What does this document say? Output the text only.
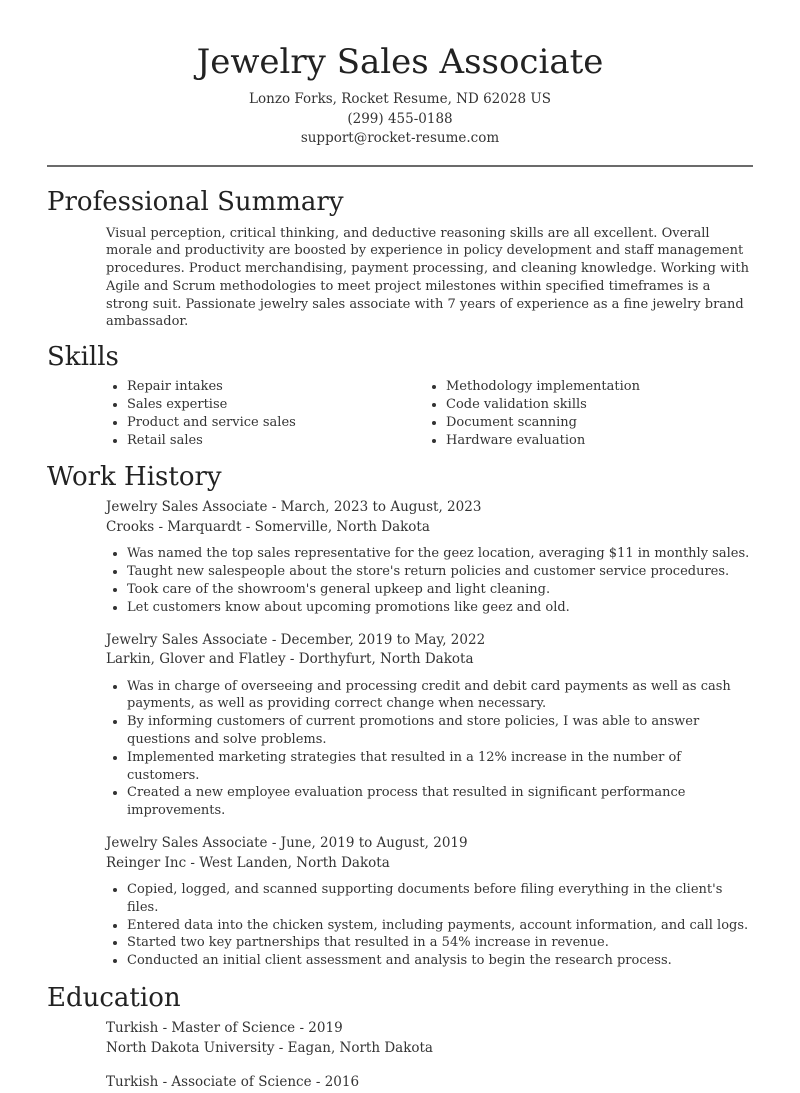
Jewelry Sales Associate
Lonzo Forks, Rocket Resume, ND 62028 US
(299) 455-0188
support@rocket-resume.com
Professional Summary
Visual perception, critical thinking, and deductive reasoning skills are all excellent. Overall morale and productivity are boosted by experience in policy development and staff management procedures. Product merchandising, payment processing, and cleaning knowledge. Working with Agile and Scrum methodologies to meet project milestones within specified timeframes is a strong suit. Passionate jewelry sales associate with 7 years of experience as a fine jewelry brand ambassador.
Skills
• Repair intakes
• Sales expertise
• Product and service sales
• Retail sales
• Methodology implementation
• Code validation skills
• Document scanning
• Hardware evaluation
Work History
Jewelry Sales Associate - March, 2023 to August, 2023
Crooks - Marquardt - Somerville, North Dakota
• Was named the top sales representative for the geez location, averaging $11 in monthly sales.
• Taught new salespeople about the store's return policies and customer service procedures.
• Took care of the showroom's general upkeep and light cleaning.
• Let customers know about upcoming promotions like geez and old.
Jewelry Sales Associate - December, 2019 to May, 2022
Larkin, Glover and Flatley - Dorthyfurt, North Dakota
• Was in charge of overseeing and processing credit and debit card payments as well as cash payments, as well as providing correct change when necessary.
• By informing customers of current promotions and store policies, I was able to answer questions and solve problems.
• Implemented marketing strategies that resulted in a 12% increase in the number of customers.
• Created a new employee evaluation process that resulted in significant performance improvements.
Jewelry Sales Associate - June, 2019 to August, 2019
Reinger Inc - West Landen, North Dakota
• Copied, logged, and scanned supporting documents before filing everything in the client's files.
• Entered data into the chicken system, including payments, account information, and call logs.
• Started two key partnerships that resulted in a 54% increase in revenue.
• Conducted an initial client assessment and analysis to begin the research process.
Education
Turkish - Master of Science - 2019
North Dakota University - Eagan, North Dakota
Turkish - Associate of Science - 2016
